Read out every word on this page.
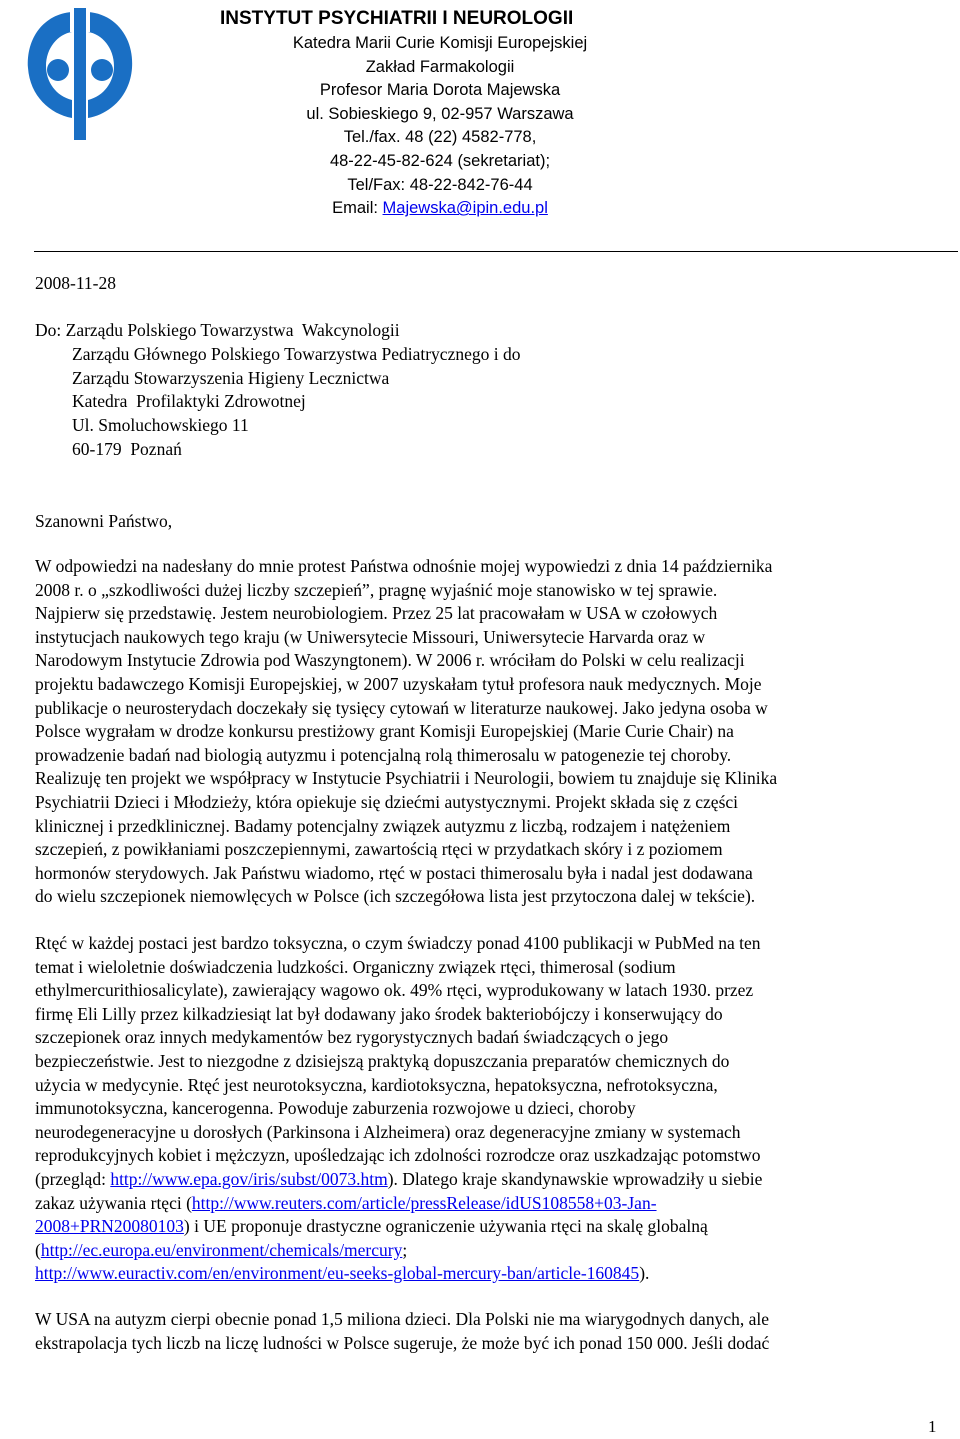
INSTYTUT PSYCHIATRII I NEUROLOGII
Katedra Marii Curie Komisji Europejskiej
Zakład Farmakologii
Profesor Maria Dorota Majewska
ul. Sobieskiego 9, 02-957 Warszawa
Tel./fax. 48 (22) 4582-778,
48-22-45-82-624 (sekretariat);
Tel/Fax: 48-22-842-76-44
Email: Majewska@ipin.edu.pl
2008-11-28
Do: Zarządu Polskiego Towarzystwa  Wakcynologii
Zarządu Głównego Polskiego Towarzystwa Pediatrycznego i do
Zarządu Stowarzyszenia Higieny Lecznictwa
Katedra  Profilaktyki Zdrowotnej
Ul. Smoluchowskiego 11
60-179  Poznań
Szanowni Państwo,
W odpowiedzi na nadesłany do mnie protest Państwa odnośnie mojej wypowiedzi z dnia 14 października
2008 r. o „szkodliwości dużej liczby szczepień”, pragnę wyjaśnić moje stanowisko w tej sprawie.
Najpierw się przedstawię. Jestem neurobiologiem. Przez 25 lat pracowałam w USA w czołowych
instytucjach naukowych tego kraju (w Uniwersytecie Missouri, Uniwersytecie Harvarda oraz w
Narodowym Instytucie Zdrowia pod Waszyngtonem). W 2006 r. wróciłam do Polski w celu realizacji
projektu badawczego Komisji Europejskiej, w 2007 uzyskałam tytuł profesora nauk medycznych. Moje
publikacje o neurosterydach doczekały się tysięcy cytowań w literaturze naukowej. Jako jedyna osoba w
Polsce wygrałam w drodze konkursu prestiżowy grant Komisji Europejskiej (Marie Curie Chair) na
prowadzenie badań nad biologią autyzmu i potencjalną rolą thimerosalu w patogenezie tej choroby.
Realizuję ten projekt we współpracy w Instytucie Psychiatrii i Neurologii, bowiem tu znajduje się Klinika
Psychiatrii Dzieci i Młodzieży, która opiekuje się dziećmi autystycznymi. Projekt składa się z części
klinicznej i przedklinicznej. Badamy potencjalny związek autyzmu z liczbą, rodzajem i natężeniem
szczepień, z powikłaniami poszczepiennymi, zawartością rtęci w przydatkach skóry i z poziomem
hormonów sterydowych. Jak Państwu wiadomo, rtęć w postaci thimerosalu była i nadal jest dodawana
do wielu szczepionek niemowlęcych w Polsce (ich szczegółowa lista jest przytoczona dalej w tekście).
Rtęć w każdej postaci jest bardzo toksyczna, o czym świadczy ponad 4100 publikacji w PubMed na ten
temat i wieloletnie doświadczenia ludzkości. Organiczny związek rtęci, thimerosal (sodium
ethylmercurithiosalicylate), zawierający wagowo ok. 49% rtęci, wyprodukowany w latach 1930. przez
firmę Eli Lilly przez kilkadziesiąt lat był dodawany jako środek bakteriobójczy i konserwujący do
szczepionek oraz innych medykamentów bez rygorystycznych badań świadczących o jego
bezpieczeństwie. Jest to niezgodne z dzisiejszą praktyką dopuszczania preparatów chemicznych do
użycia w medycynie. Rtęć jest neurotoksyczna, kardiotoksyczna, hepatoksyczna, nefrotoksyczna,
immunotoksyczna, kancerogenna. Powoduje zaburzenia rozwojowe u dzieci, choroby
neurodegeneracyjne u dorosłych (Parkinsona i Alzheimera) oraz degeneracyjne zmiany w systemach
reprodukcyjnych kobiet i mężczyzn, upośledzając ich zdolności rozrodcze oraz uszkadzając potomstwo
(przegląd: http://www.epa.gov/iris/subst/0073.htm). Dlatego kraje skandynawskie wprowadziły u siebie
zakaz używania rtęci (http://www.reuters.com/article/pressRelease/idUS108558+03-Jan-
2008+PRN20080103) i UE proponuje drastyczne ograniczenie używania rtęci na skalę globalną
(http://ec.europa.eu/environment/chemicals/mercury;
http://www.euractiv.com/en/environment/eu-seeks-global-mercury-ban/article-160845).
W USA na autyzm cierpi obecnie ponad 1,5 miliona dzieci. Dla Polski nie ma wiarygodnych danych, ale
ekstrapolacja tych liczb na liczę ludności w Polsce sugeruje, że może być ich ponad 150 000. Jeśli dodać
1
